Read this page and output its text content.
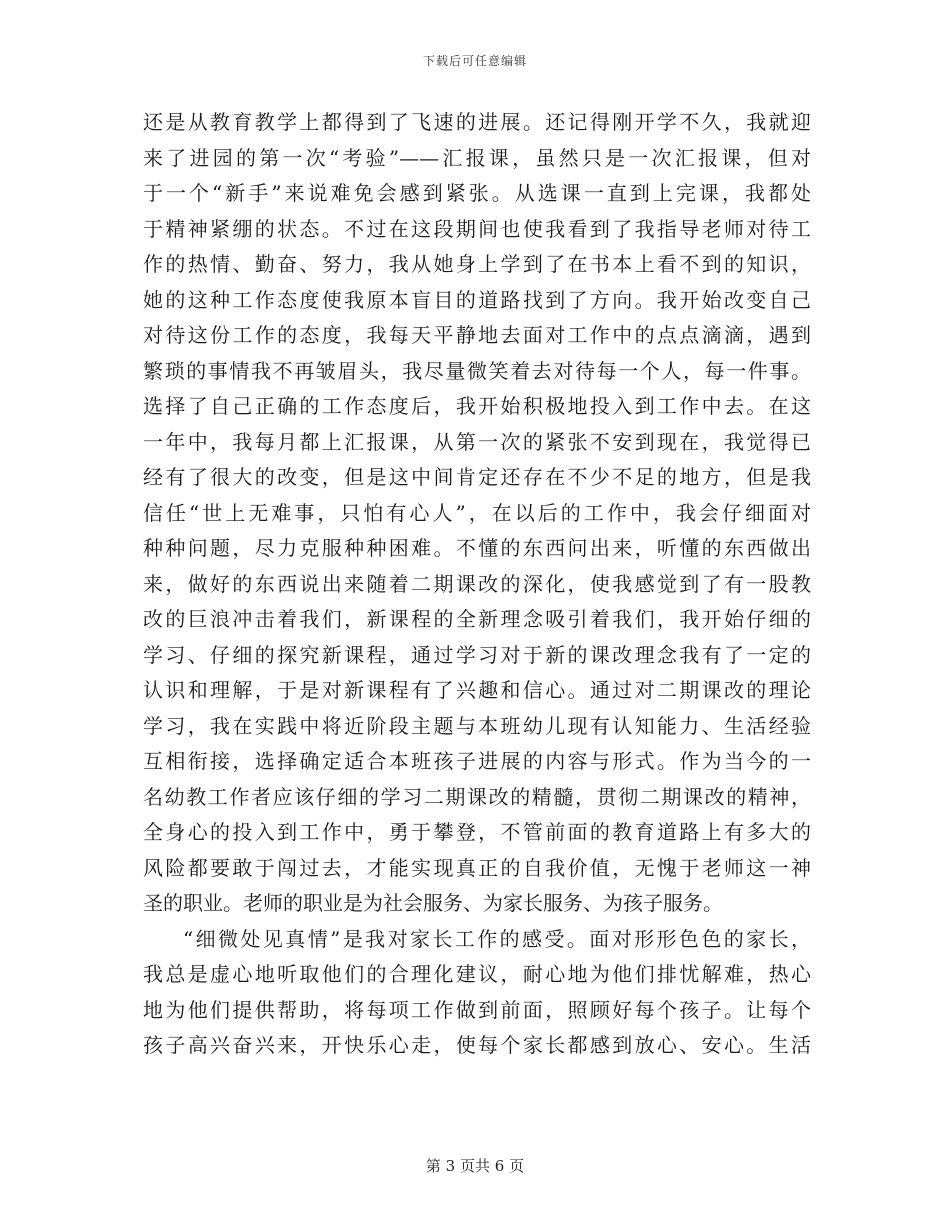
下载后可任意编辑
还是从教育教学上都得到了飞速的进展。还记得刚开学不久，我就迎
来了进园的第一次“考验”——汇报课，虽然只是一次汇报课，但对
于一个“新手”来说难免会感到紧张。从选课一直到上完课，我都处
于精神紧绷的状态。不过在这段期间也使我看到了我指导老师对待工
作的热情、勤奋、努力，我从她身上学到了在书本上看不到的知识，
她的这种工作态度使我原本盲目的道路找到了方向。我开始改变自己
对待这份工作的态度，我每天平静地去面对工作中的点点滴滴，遇到
繁琐的事情我不再皱眉头，我尽量微笑着去对待每一个人，每一件事。
选择了自己正确的工作态度后，我开始积极地投入到工作中去。在这
一年中，我每月都上汇报课，从第一次的紧张不安到现在，我觉得已
经有了很大的改变，但是这中间肯定还存在不少不足的地方，但是我
信任“世上无难事，只怕有心人”，在以后的工作中，我会仔细面对
种种问题，尽力克服种种困难。不懂的东西问出来，听懂的东西做出
来，做好的东西说出来随着二期课改的深化，使我感觉到了有一股教
改的巨浪冲击着我们，新课程的全新理念吸引着我们，我开始仔细的
学习、仔细的探究新课程，通过学习对于新的课改理念我有了一定的
认识和理解，于是对新课程有了兴趣和信心。通过对二期课改的理论
学习，我在实践中将近阶段主题与本班幼儿现有认知能力、生活经验
互相衔接，选择确定适合本班孩子进展的内容与形式。作为当今的一
名幼教工作者应该仔细的学习二期课改的精髓，贯彻二期课改的精神，
全身心的投入到工作中，勇于攀登，不管前面的教育道路上有多大的
风险都要敢于闯过去，才能实现真正的自我价值，无愧于老师这一神
圣的职业。老师的职业是为社会服务、为家长服务、为孩子服务。
“细微处见真情”是我对家长工作的感受。面对形形色色的家长，
我总是虚心地听取他们的合理化建议，耐心地为他们排忧解难，热心
地为他们提供帮助，将每项工作做到前面，照顾好每个孩子。让每个
孩子高兴奋兴来，开快乐心走，使每个家长都感到放心、安心。生活
第 3 页共 6 页
